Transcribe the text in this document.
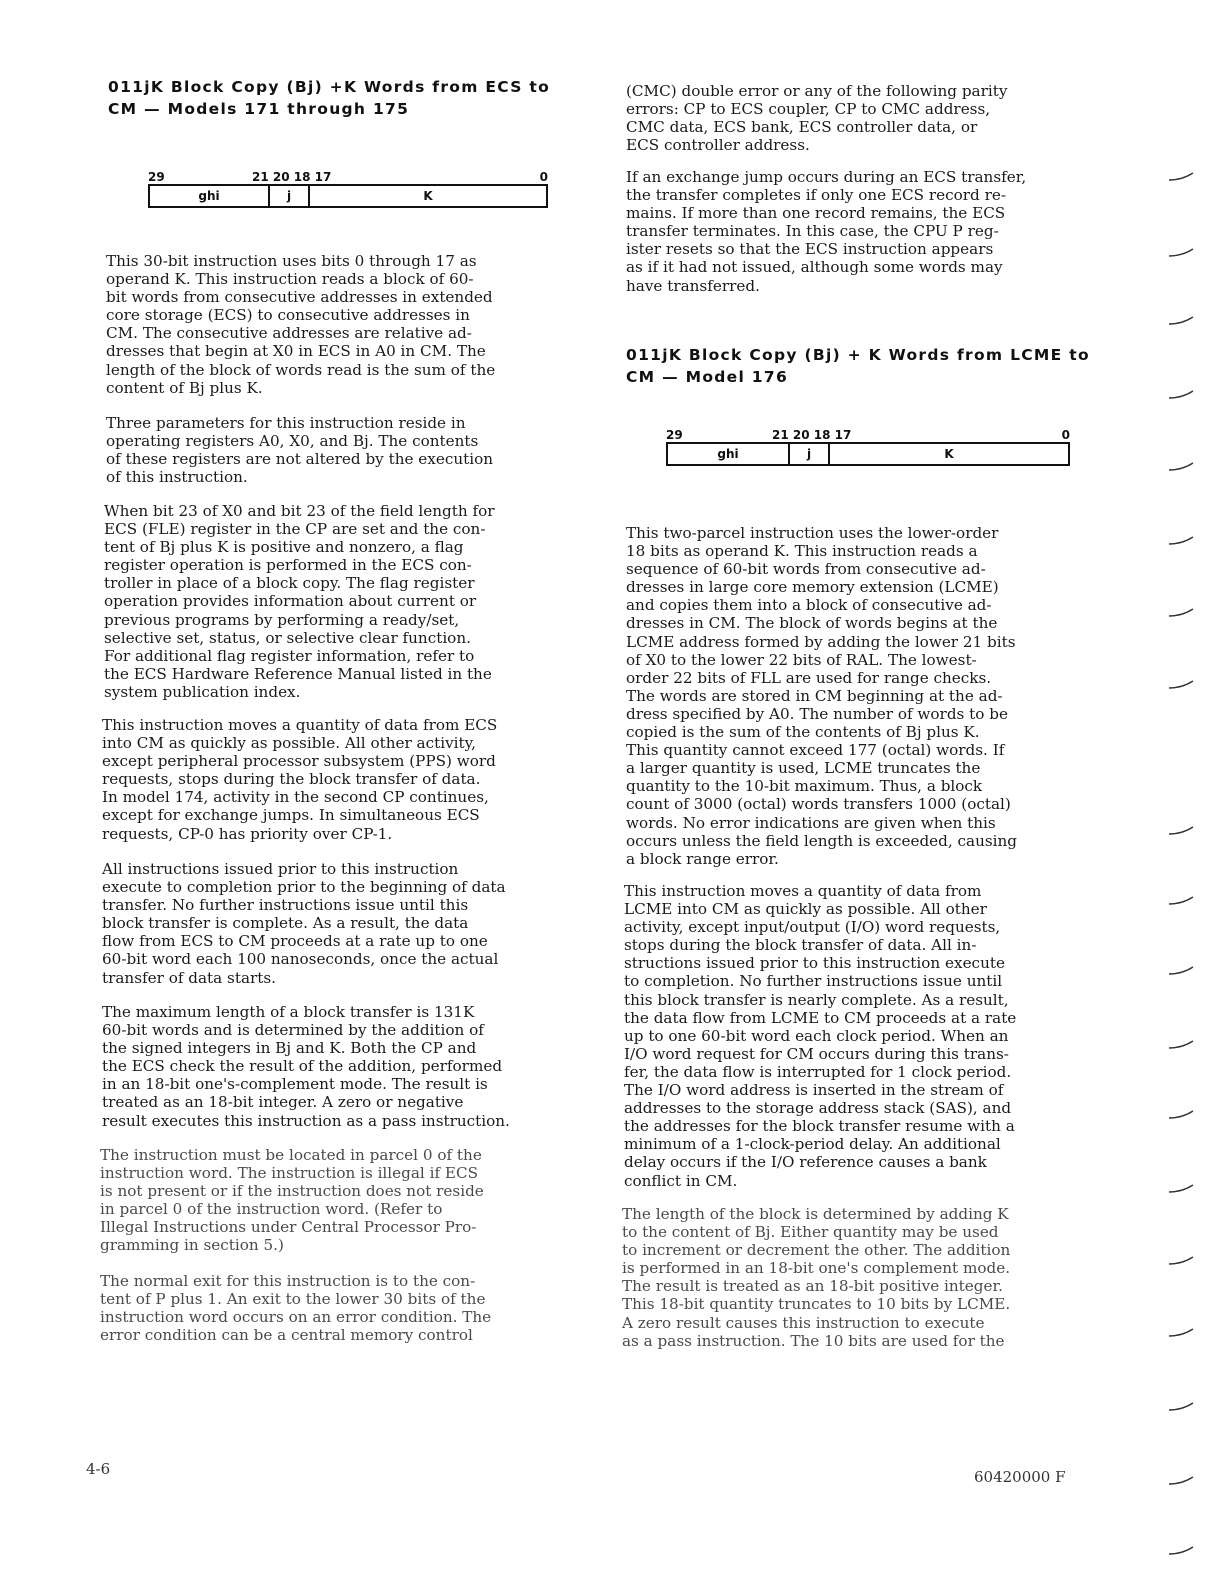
011jK Block Copy (Bj) +K Words from ECS to
CM — Models 171 through 175
29	21 20 18 17	0
ghi	j	K
This 30-bit instruction uses bits 0 through 17 as
operand K. This instruction reads a block of 60-
bit words from consecutive addresses in extended
core storage (ECS) to consecutive addresses in
CM. The consecutive addresses are relative ad-
dresses that begin at X0 in ECS in A0 in CM. The
length of the block of words read is the sum of the
content of Bj plus K.
Three parameters for this instruction reside in
operating registers A0, X0, and Bj. The contents
of these registers are not altered by the execution
of this instruction.
When bit 23 of X0 and bit 23 of the field length for
ECS (FLE) register in the CP are set and the con-
tent of Bj plus K is positive and nonzero, a flag
register operation is performed in the ECS con-
troller in place of a block copy. The flag register
operation provides information about current or
previous programs by performing a ready/set,
selective set, status, or selective clear function.
For additional flag register information, refer to
the ECS Hardware Reference Manual listed in the
system publication index.
This instruction moves a quantity of data from ECS
into CM as quickly as possible. All other activity,
except peripheral processor subsystem (PPS) word
requests, stops during the block transfer of data.
In model 174, activity in the second CP continues,
except for exchange jumps. In simultaneous ECS
requests, CP-0 has priority over CP-1.
All instructions issued prior to this instruction
execute to completion prior to the beginning of data
transfer. No further instructions issue until this
block transfer is complete. As a result, the data
flow from ECS to CM proceeds at a rate up to one
60-bit word each 100 nanoseconds, once the actual
transfer of data starts.
The maximum length of a block transfer is 131K
60-bit words and is determined by the addition of
the signed integers in Bj and K. Both the CP and
the ECS check the result of the addition, performed
in an 18-bit one's-complement mode. The result is
treated as an 18-bit integer. A zero or negative
result executes this instruction as a pass instruction.
The instruction must be located in parcel 0 of the
instruction word. The instruction is illegal if ECS
is not present or if the instruction does not reside
in parcel 0 of the instruction word. (Refer to
Illegal Instructions under Central Processor Pro-
gramming in section 5.)
The normal exit for this instruction is to the con-
tent of P plus 1. An exit to the lower 30 bits of the
instruction word occurs on an error condition. The
error condition can be a central memory control
(CMC) double error or any of the following parity
errors: CP to ECS coupler, CP to CMC address,
CMC data, ECS bank, ECS controller data, or
ECS controller address.
If an exchange jump occurs during an ECS transfer,
the transfer completes if only one ECS record re-
mains. If more than one record remains, the ECS
transfer terminates. In this case, the CPU P reg-
ister resets so that the ECS instruction appears
as if it had not issued, although some words may
have transferred.
011jK Block Copy (Bj) + K Words from LCME to
CM — Model 176
29	21 20 18 17	0
ghi	j	K
This two-parcel instruction uses the lower-order
18 bits as operand K. This instruction reads a
sequence of 60-bit words from consecutive ad-
dresses in large core memory extension (LCME)
and copies them into a block of consecutive ad-
dresses in CM. The block of words begins at the
LCME address formed by adding the lower 21 bits
of X0 to the lower 22 bits of RAL. The lowest-
order 22 bits of FLL are used for range checks.
The words are stored in CM beginning at the ad-
dress specified by A0. The number of words to be
copied is the sum of the contents of Bj plus K.
This quantity cannot exceed 177 (octal) words. If
a larger quantity is used, LCME truncates the
quantity to the 10-bit maximum. Thus, a block
count of 3000 (octal) words transfers 1000 (octal)
words. No error indications are given when this
occurs unless the field length is exceeded, causing
a block range error.
This instruction moves a quantity of data from
LCME into CM as quickly as possible. All other
activity, except input/output (I/O) word requests,
stops during the block transfer of data. All in-
structions issued prior to this instruction execute
to completion. No further instructions issue until
this block transfer is nearly complete. As a result,
the data flow from LCME to CM proceeds at a rate
up to one 60-bit word each clock period. When an
I/O word request for CM occurs during this trans-
fer, the data flow is interrupted for 1 clock period.
The I/O word address is inserted in the stream of
addresses to the storage address stack (SAS), and
the addresses for the block transfer resume with a
minimum of a 1-clock-period delay. An additional
delay occurs if the I/O reference causes a bank
conflict in CM.
The length of the block is determined by adding K
to the content of Bj. Either quantity may be used
to increment or decrement the other. The addition
is performed in an 18-bit one's complement mode.
The result is treated as an 18-bit positive integer.
This 18-bit quantity truncates to 10 bits by LCME.
A zero result causes this instruction to execute
as a pass instruction. The 10 bits are used for the
4-6	60420000 F
